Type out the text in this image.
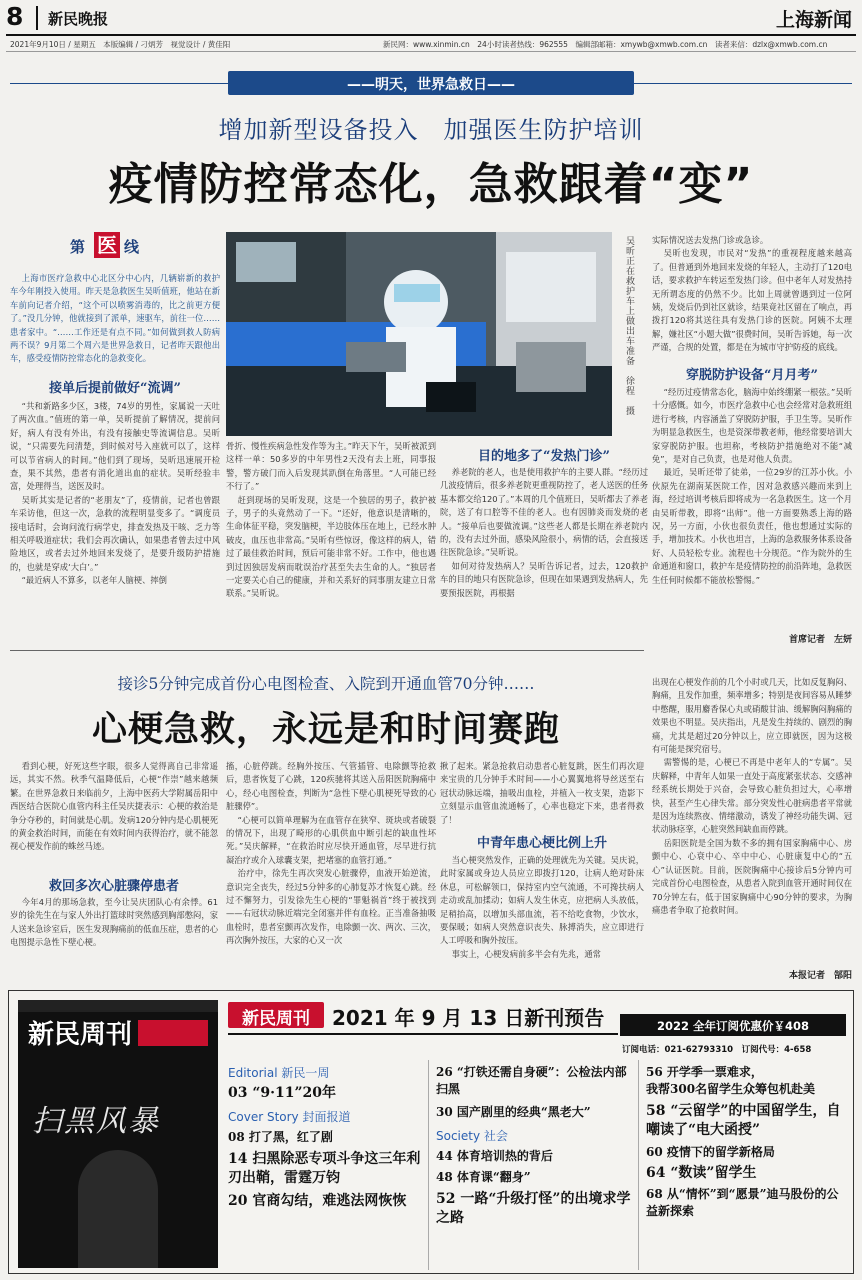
8 新民晚报	上海新闻
2021年9月10日 / 星期五　本版编辑 / 刁炳芳　视觉设计 / 黄佳阳	新民网：www.xinmin.cn　24小时读者热线：962555　编辑部邮箱：xmywb@xmwb.com.cn　读者来信：dzlx@xmwb.com.cn
——明天，世界急救日——
增加新型设备投入　加强医生防护培训
疫情防控常态化，急救跟着“变”
第 医 线

上海市医疗急救中心北区分中心内，几辆崭新的救护车今年刚投入使用。昨天是急救医生吴昕值班，他站在新车前向记者介绍，“这个可以喷雾消毒的，比之前更方便了。”没几分钟，他就接到了派单，速驱车，前往一位……患者家中。“……工作还是有点不同。”如何做到救人防病两不误？9月第二个周六是世界急救日，记者昨天跟他出车，感受疫情防控常态化的急救变化。

接单后提前做好“流调”

“共和新路多少区，3楼，74岁的男性，家属说一天吐了两次血。”值班的第一单，吴昕提前了解情况，提前问好，病人有没有外出，有没有接触史等流调信息。吴昕说，“只需要先问清楚，到时候对号入座就可以了，这样可以节省病人的时间。”他们到了现场，吴昕迅速展开检查，果不其然，患者有消化道出血的症状。吴昕经验丰富，处理得当，送医及时。

吴昕其实是记者的“老朋友”了，疫情前，记者也曾跟车采访他，但这一次，急救的流程明显变多了。“调度员接电话时，会询问流行病学史，排查发热及干咳、乏力等相关呼吸道症状；我们会再次确认，如果患者曾去过中风险地区，或者去过外地回来发烧了，是要升级防护措施的，也就是穿成‘大白’。”

“最近病人不算多，以老年人脑梗、摔倒

吴昕正在救护车上做出车准备　徐程　摄

骨折、慢性疾病急性发作等为主。”昨天下午，吴昕被派到这样一单：50多岁的中年男性2天没有去上班，同事报警，警方破门而入后发现其趴倒在角落里。“人可能已经不行了。”

赶到现场的吴昕发现，这是一个独居的男子，救护被子，男子的头竟然动了一下。“还好，他意识是清晰的，生命体征平稳，突发脑梗，半边肢体压在地上，已经水肿破皮，血压也非常高。”吴昕有些惊讶，像这样的病人，错过了最佳救治时间，预后可能非常不好。工作中，他也遇到过因独居发病而耽误治疗甚至失去生命的人。“独居者一定要关心自己的健康，并和关系好的同事朋友建立日常联系。”吴昕说。

目的地多了“发热门诊”

养老院的老人，也是使用救护车的主要人群。“经历过几波疫情后，很多养老院更重视防控了，老人送医的任务基本都交给120了。”本周的几个值班日，吴昕都去了养老院，送了有口腔等不佳的老人。也有因肺炎而发烧的老人。“接单后也要做流调。”这些老人都是长期在养老院内的，没有去过外面，感染风险很小，病情的话，会直接送往医院急诊。”吴昕说。

如何对待发热病人？吴昕告诉记者，过去，120救护车的目的地只有医院急诊，但现在如果遇到发热病人，先要预报医院，再根据

实际情况送去发热门诊或急诊。

吴昕也发现，市民对“发热”的重视程度越来越高了。但普通到外地回来发烧的年轻人，主动打了120电话，要求救护车转运至发热门诊。但中老年人对发热持无所谓态度的仍然不少。比如上周就曾遇到过一位阿姨，发烧后仍到社区就诊，结果竟社区留在了响点，再拨打120将其送往具有发热门诊的医院。阿姨不太理解，嫌社区“小题大做”很费时间，吴昕告诉她，每一次严谨，合规的处置，都是在为城市守护防疫的底线。

穿脱防护设备“月月考”

“经历过疫情常态化，脑海中始终绷紧一根弦。”吴昕十分感慨。如今，市医疗急救中心也会经常对急救班组进行考核，内容涵盖了穿脱防护服，手卫生等。吴昕作为明显急救医生，也是资深带教老师，他经常要培训大家穿脱防护服。也坦称，考核防护措施绝对不能“减免”，是对自己负责，也是对他人负责。

最近，吴昕还带了徒弟，一位29岁的江苏小伙。小伙原先在湖南某医院工作，因对急救感兴趣而来到上海，经过培训考核后即将成为一名急救医生。这一个月由吴昕带教，即将“出师”。他一方面要熟悉上海的路况，另一方面，小伙也很负责任，他也想通过实际的手，增加技术。小伙也坦言，上海的急救服务体系设备好、人员轻松专业。流程也十分规范。“作为院外的生命通道和窗口，救护车是疫情防控的前沿阵地，急救医生任何时候都不能放松警惕。”

首席记者　左妍
接诊5分钟完成首份心电图检查、入院到开通血管70分钟……
心梗急救，永远是和时间赛跑

看到心梗，好死这些字眼，很多人觉得离自己非常遥远，其实不然。秋季气温降低后，心梗“作崇”越来越频繁。在世界急救日来临前夕，上海中医药大学附属岳阳中西医结合医院心血管内科主任吴庆捷表示：心梗的救治是争分夺秒的，时间就是心肌。发病120分钟内是心肌梗死的黄金救治时间，而能在有效时间内获得治疗，就不能忽视心梗发作前的蛛丝马迹。

救回多次心脏骤停患者

今年4月的那场急救，至今让吴庆团队心有余悸。61岁的徐先生在与家人外出打篮球时突然感到胸部憋闷，家人送来急诊室后，医生发现胸痛前的低血压症，患者的心电图提示急性下壁心梗。

搐，心脏停跳。经胸外按压、气管插管、电除颤等抢救后，患者恢复了心跳，120疾驰将其送入岳阳医院胸痛中心，经心电图检查，判断为“急性下壁心肌梗死导致的心脏骤停”。

“心梗可以简单理解为在血管存在狭窄、斑块或者破裂的情况下，出现了畸形的心肌供血中断引起的缺血性坏死。”吴庆解释，“在救治时应尽快开通血管，尽早进行抗凝治疗或介入球囊支架，把堵塞的血管打通。”

治疗中，徐先生再次突发心脏骤停，血液开始逆流，意识完全丧失，经过5分钟多的心肺复苏才恢复心跳。经过不懈努力，引发徐先生心梗的“罪魁祸首”终于被找到——右冠状动脉近端完全闭塞并伴有血栓。正当准备抽吸血栓时，患者室颤再次发作，电除颤一次、两次、三次，再次胸外按压，大家的心又一次

揪了起来。紧急抢救启动患者心脏复跳，医生们再次迎来宝贵的几分钟手术时间——小心翼翼地将导丝送至右冠状动脉远端，抽吸出血栓，并植入一枚支架，造影下立刻显示血管血流通畅了，心率也稳定下来，患者得救了！

中青年患心梗比例上升

当心梗突然发作，正确的处理就先为关键。吴庆说，此时家属或身边人员应立即拨打120，让病人绝对卧床休息，可松解领口，保持室内空气流通，不可搀扶病人走动或乱加揉动；如病人发生休克，应把病人头放低，足稍抬高，以增加头部血流，若不给吃食物，少饮水，要保暖；如病人突然意识丧失、脉搏消失，应立即进行人工呼吸和胸外按压。

事实上，心梗发病前多半会有先兆，通常

出现在心梗发作前的几个小时或几天，比如反复胸闷、胸痛，且发作加重，频率增多；特别是夜间容易从睡梦中憋醒，服用麝香保心丸或硝酸甘油、缓解胸闷胸痛的效果也不明显。吴庆指出，凡是发生持续的、剧烈的胸痛，尤其是超过20分钟以上，应立即就医，因为这极有可能是探究宿号。

需警惕的是，心梗已不再是中老年人的“专属”。吴庆解释，中青年人如果一直处于高度紧张状态、交感神经系统长期处于兴奋，会导致心脏负担过大，心率增快，甚至产生心律失常。部分突发性心脏病患者平常就是因为连续熬夜、情绪激动，诱发了神经功能失调、冠状动脉痉挛，心脏突然间缺血而停跳。

岳阳医院是全国为数不多的拥有国家胸痛中心、房颤中心、心衰中心、卒中中心、心脏康复中心的“五心”认证医院。目前，医院胸痛中心接诊后5分钟内可完成首份心电图检查，从患者入院到血管开通时间仅在70分钟左右，低于国家胸痛中心90分钟的要求，为胸痛患者争取了抢救时间。

本报记者　郜阳
新民周刊
扫黑风暴
新民周刊	2021 年 9 月 13 日新刊预告	2022 全年订阅优惠价￥408
订阅电话：021-62793310　订阅代号：4-658
Editorial 新民一周
03 “9·11”20年
Cover Story 封面报道
08 打了黑，红了剧
14 扫黑除恶专项斗争这三年利刃出鞘，雷霆万钧
20 官商勾结，难逃法网恢恢
26 “打铁还需自身硬”：公检法内部扫黑
30 国产剧里的经典“黑老大”
Society 社会
44 体育培训热的背后
48 体育课“翻身”
52 一路“升级打怪”的出境求学之路
56 开学季一票难求，
我帮300名留学生众筹包机赴美
58 “云留学”的中国留学生，自嘲读了“电大函授”
60 疫情下的留学新格局
64 “数读”留学生
68 从“情怀”到“愿景”迪马股份的公益新探索
